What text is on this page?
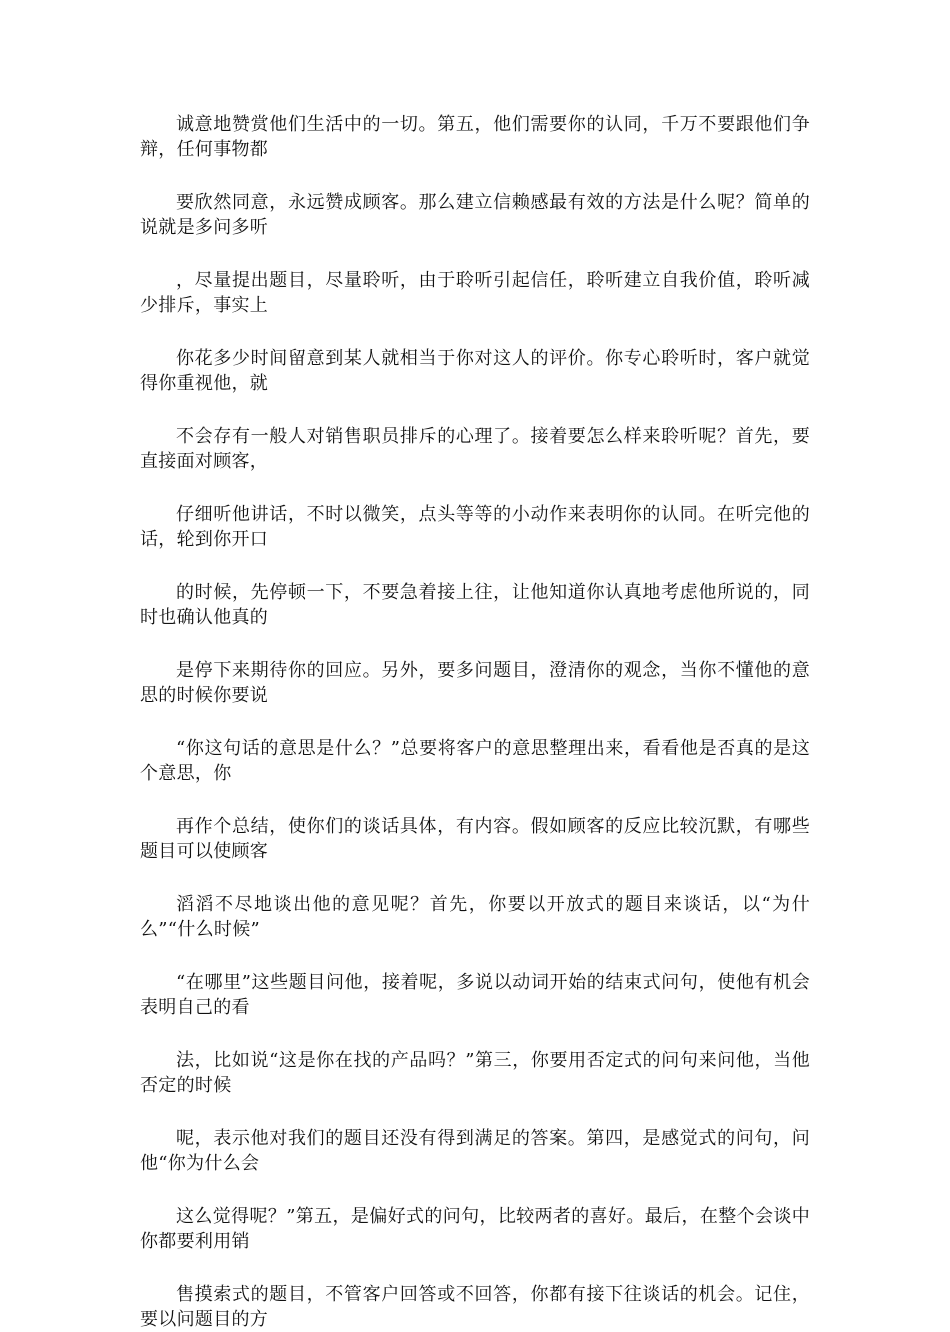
诚意地赞赏他们生活中的一切。第五，他们需要你的认同，千万不要跟他们争辩，任何事物都

要欣然同意，永远赞成顾客。那么建立信赖感最有效的方法是什么呢？简单的说就是多问多听

，尽量提出题目，尽量聆听，由于聆听引起信任，聆听建立自我价值，聆听减少排斥，事实上

你花多少时间留意到某人就相当于你对这人的评价。你专心聆听时，客户就觉得你重视他，就

不会存有一般人对销售职员排斥的心理了。接着要怎么样来聆听呢？首先，要直接面对顾客，

仔细听他讲话，不时以微笑，点头等等的小动作来表明你的认同。在听完他的话，轮到你开口

的时候，先停顿一下，不要急着接上往，让他知道你认真地考虑他所说的，同时也确认他真的

是停下来期待你的回应。另外，要多问题目，澄清你的观念，当你不懂他的意思的时候你要说

“你这句话的意思是什么？”总要将客户的意思整理出来，看看他是否真的是这个意思，你

再作个总结，使你们的谈话具体，有内容。假如顾客的反应比较沉默，有哪些题目可以使顾客

滔滔不尽地谈出他的意见呢？首先，你要以开放式的题目来谈话，以“为什么”“什么时候”

“在哪里”这些题目问他，接着呢，多说以动词开始的结束式问句，使他有机会表明自己的看

法，比如说“这是你在找的产品吗？”第三，你要用否定式的问句来问他，当他否定的时候

呢，表示他对我们的题目还没有得到满足的答案。第四，是感觉式的问句，问他“你为什么会

这么觉得呢？”第五，是偏好式的问句，比较两者的喜好。最后，在整个会谈中你都要利用销

售摸索式的题目，不管客户回答或不回答，你都有接下往谈话的机会。记住，要以问题目的方
